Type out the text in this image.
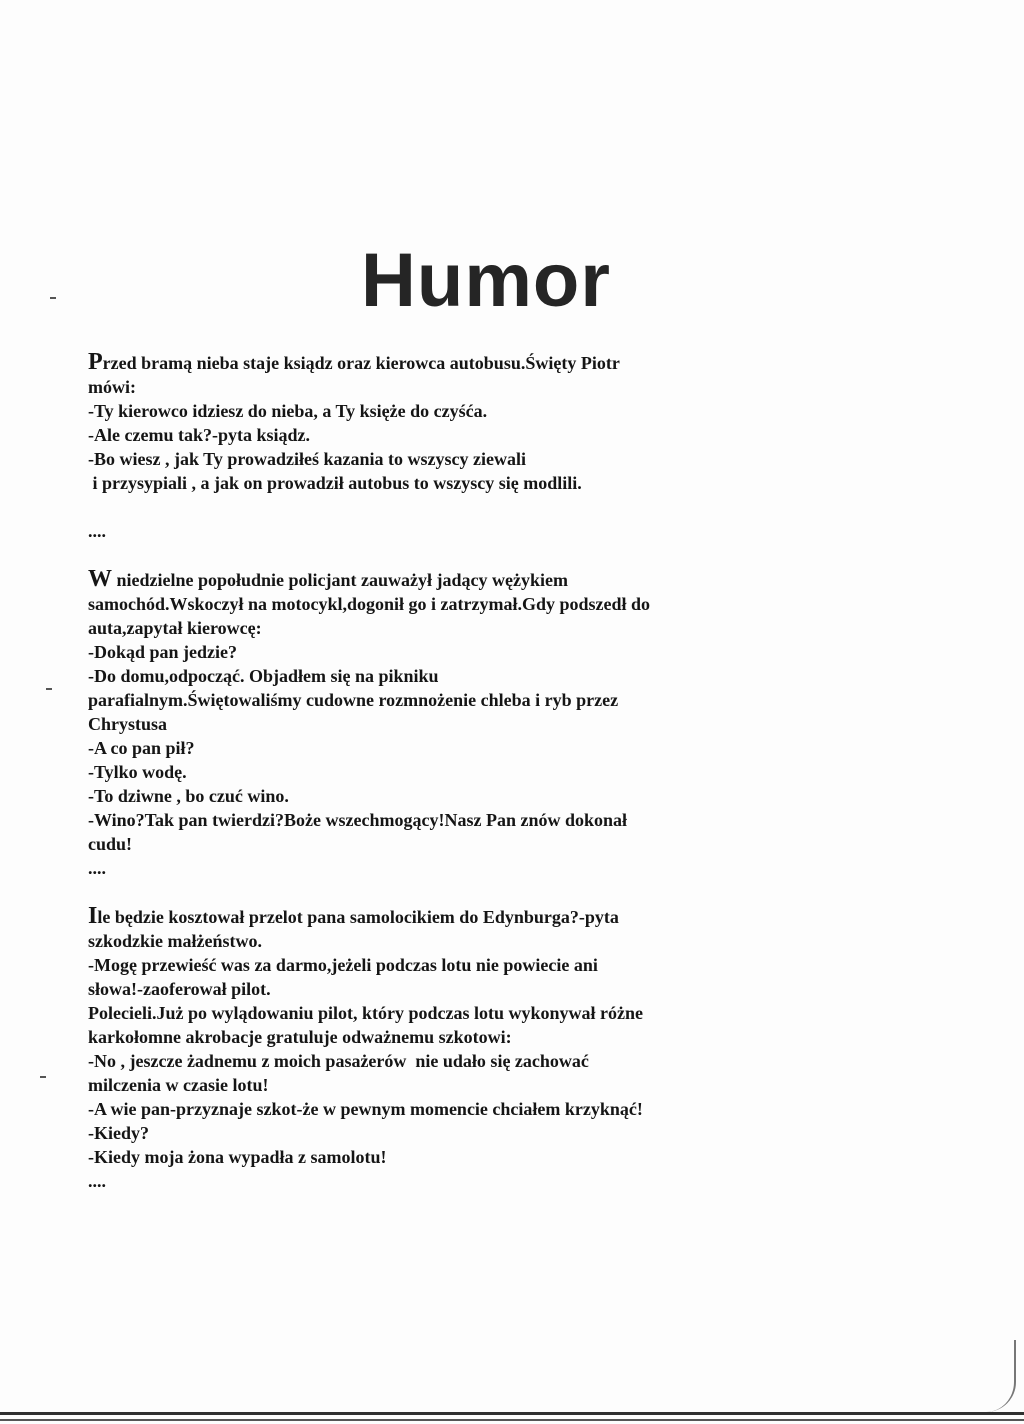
Humor
Przed bramą nieba staje ksiądz oraz kierowca autobusu.Święty Piotr
mówi:
-Ty kierowco idziesz do nieba, a Ty księże do czyśća.
-Ale czemu tak?-pyta ksiądz.
-Bo wiesz , jak Ty prowadziłeś kazania to wszyscy ziewali
i przysypiali , a jak on prowadził autobus to wszyscy się modlili.
....
W niedzielne popołudnie policjant zauważył jadący wężykiem
samochód.Wskoczył na motocykl,dogonił go i zatrzymał.Gdy podszedł do
auta,zapytał kierowcę:
-Dokąd pan jedzie?
-Do domu,odpocząć. Objadłem się na pikniku
parafialnym.Świętowaliśmy cudowne rozmnożenie chleba i ryb przez
Chrystusa
-A co pan pił?
-Tylko wodę.
-To dziwne , bo czuć wino.
-Wino?Tak pan twierdzi?Boże wszechmogący!Nasz Pan znów dokonał
cudu!
....
Ile będzie kosztował przelot pana samolocikiem do Edynburga?-pyta
szkodzkie małżeństwo.
-Mogę przewieść was za darmo,jeżeli podczas lotu nie powiecie ani
słowa!-zaoferował pilot.
Polecieli.Już po wylądowaniu pilot, który podczas lotu wykonywał różne
karkołomne akrobacje gratuluje odważnemu szkotowi:
-No , jeszcze żadnemu z moich pasażerów  nie udało się zachować
milczenia w czasie lotu!
-A wie pan-przyznaje szkot-że w pewnym momencie chciałem krzyknąć!
-Kiedy?
-Kiedy moja żona wypadła z samolotu!
....
